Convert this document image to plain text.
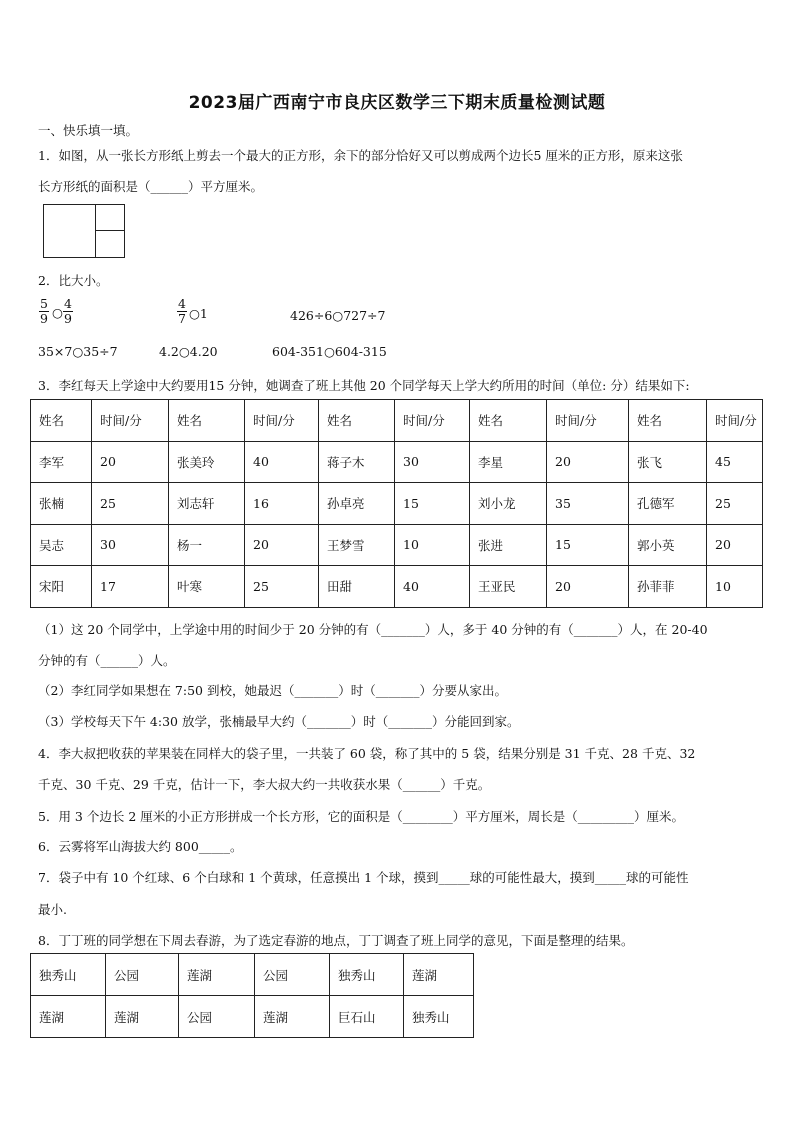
2023届广西南宁市良庆区数学三下期末质量检测试题
一、快乐填一填。
1．如图，从一张长方形纸上剪去一个最大的正方形，余下的部分恰好又可以剪成两个边长5 厘米的正方形，原来这张
长方形纸的面积是（______）平方厘米。
2．比大小。
$\frac{5}{9}$ ○ $\frac{4}{9}$	$\frac{4}{7}$ ○1	426÷6○727÷7
35×7○35÷7	4.2○4.20	604-351○604-315
3．李红每天上学途中大约要用15 分钟，她调查了班上其他 20 个同学每天上学大约所用的时间（单位: 分）结果如下:
姓名	时间/分	姓名	时间/分	姓名	时间/分	姓名	时间/分	姓名	时间/分
李军	20	张美玲	40	蒋子木	30	李星	20	张飞	45
张楠	25	刘志轩	16	孙卓亮	15	刘小龙	35	孔德军	25
吴志	30	杨一	20	王梦雪	10	张进	15	郭小英	20
宋阳	17	叶寒	25	田甜	40	王亚民	20	孙菲菲	10
（1）这 20 个同学中，上学途中用的时间少于 20 分钟的有（_______）人，多于 40 分钟的有（_______）人，在 20-40
分钟的有（______）人。
（2）李红同学如果想在 7:50 到校，她最迟（_______）时（_______）分要从家出。
（3）学校每天下午 4:30 放学，张楠最早大约（_______）时（_______）分能回到家。
4．李大叔把收获的苹果装在同样大的袋子里，一共装了 60 袋，称了其中的 5 袋，结果分别是 31 千克、28 千克、32
千克、30 千克、29 千克，估计一下，李大叔大约一共收获水果（______）千克。
5．用 3 个边长 2 厘米的小正方形拼成一个长方形，它的面积是（________）平方厘米，周长是（_________）厘米。
6．云雾将军山海拔大约 800_____。
7．袋子中有 10 个红球、6 个白球和 1 个黄球，任意摸出 1 个球，摸到_____球的可能性最大，摸到_____球的可能性
最小.
8．丁丁班的同学想在下周去春游，为了选定春游的地点，丁丁调查了班上同学的意见，下面是整理的结果。
独秀山	公园	莲湖	公园	独秀山	莲湖
莲湖	莲湖	公园	莲湖	巨石山	独秀山
